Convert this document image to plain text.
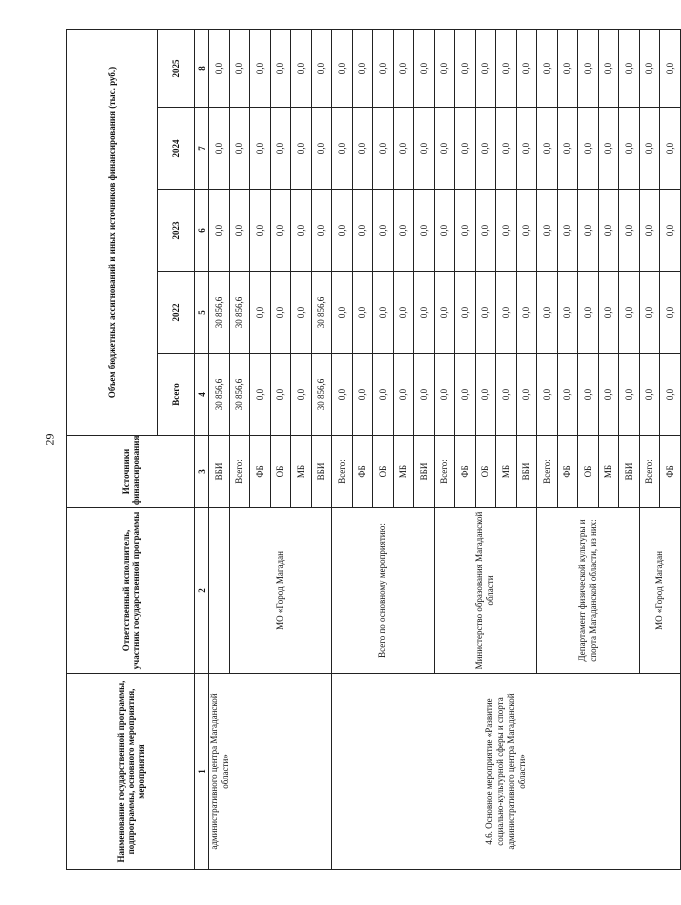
29
Наименование государственной программы, подпрограммы, основного мероприятия, мероприятия	Ответственный исполнитель, участник государственной программы	Источники финансирования	Объем бюджетных ассигнований и иных источников финансирования (тыс. руб.)				
			Всего	2022	2023	2024	2025
1	2	3	4	5	6	7	8
административного центра Магаданской области»		ВБИ	30 856,6	30 856,6	0,0	0,0	0,0
	МО «Город Магадан	Всего:	30 856,6	30 856,6	0,0	0,0	0,0
		ФБ	0,0	0,0	0,0	0,0	0,0
		ОБ	0,0	0,0	0,0	0,0	0,0
		МБ	0,0	0,0	0,0	0,0	0,0
		ВБИ	30 856,6	30 856,6	0,0	0,0	0,0
4.6. Основное мероприятие «Развитие социально-культурной сферы и спорта административного центра Магаданской области»	Всего по основному мероприятию:	Всего:	0,0	0,0	0,0	0,0	0,0
		ФБ	0,0	0,0	0,0	0,0	0,0
		ОБ	0,0	0,0	0,0	0,0	0,0
		МБ	0,0	0,0	0,0	0,0	0,0
		ВБИ	0,0	0,0	0,0	0,0	0,0
	Министерство образования Магаданской области	Всего:	0,0	0,0	0,0	0,0	0,0
		ФБ	0,0	0,0	0,0	0,0	0,0
		ОБ	0,0	0,0	0,0	0,0	0,0
		МБ	0,0	0,0	0,0	0,0	0,0
		ВБИ	0,0	0,0	0,0	0,0	0,0
	Департамент физической культуры и спорта Магаданской области, из них:	Всего:	0,0	0,0	0,0	0,0	0,0
		ФБ	0,0	0,0	0,0	0,0	0,0
		ОБ	0,0	0,0	0,0	0,0	0,0
		МБ	0,0	0,0	0,0	0,0	0,0
		ВБИ	0,0	0,0	0,0	0,0	0,0
	МО «Город Магадан	Всего:	0,0	0,0	0,0	0,0	0,0
		ФБ	0,0	0,0	0,0	0,0	0,0
